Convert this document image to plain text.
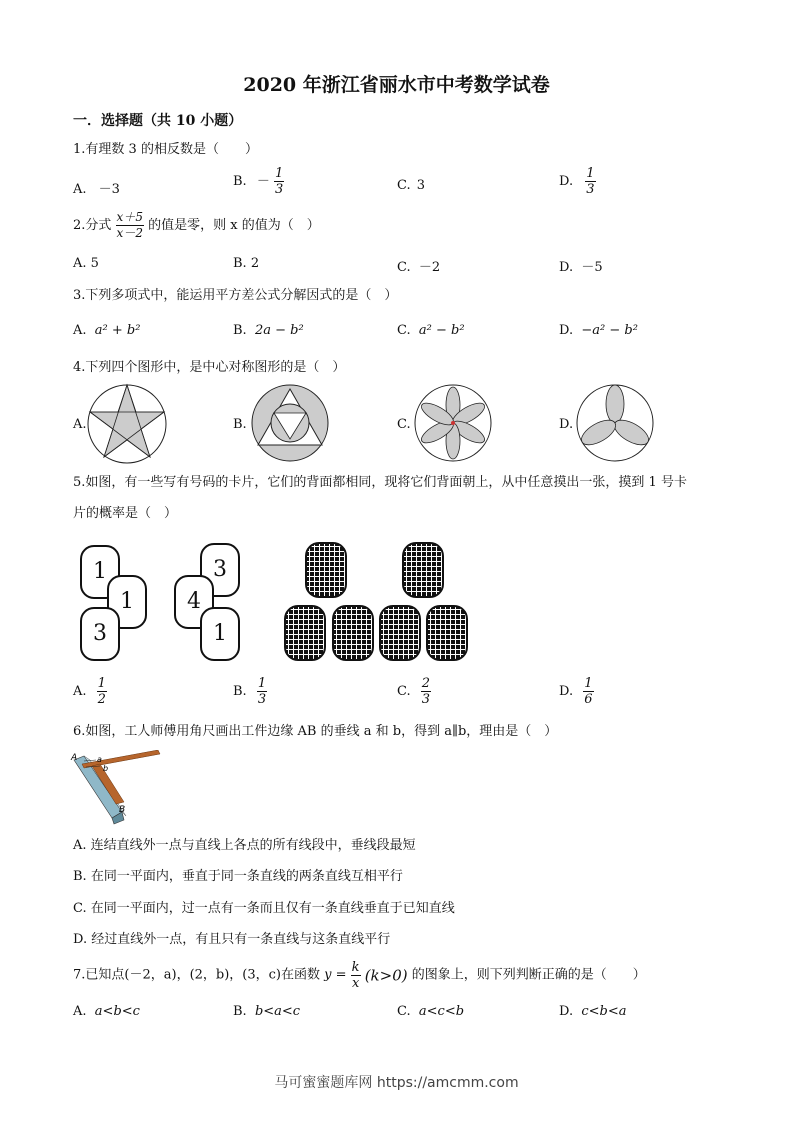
2020 年浙江省丽水市中考数学试卷
一．选择题（共 10 小题）
1.有理数 3 的相反数是（　　）
A. －3
B. － $\frac{1}{3}$	C. 3	D. $\frac{1}{3}$
2.分式 $\frac{x+5}{x-2}$ 的值是零，则 x 的值为（　）
A. 5	B. 2	C. －2	D. －5
3.下列多项式中，能运用平方差公式分解因式的是（　）
A. a² + b²	B. 2a − b²	C. a² − b²	D. −a² − b²
4.下列四个图形中，是中心对称图形的是（　）
A.	B.	C.	D.
5.如图，有一些写有号码的卡片，它们的背面都相同，现将它们背面朝上，从中任意摸出一张，摸到 1 号卡
片的概率是（　）
1
1
3
3
4
1
A. $\frac{1}{2}$	B. $\frac{1}{3}$	C. $\frac{2}{3}$	D. $\frac{1}{6}$
6.如图，工人师傅用角尺画出工件边缘 AB 的垂线 a 和 b，得到 a∥b，理由是（　）
A a
b
B
A. 连结直线外一点与直线上各点的所有线段中，垂线段最短
B. 在同一平面内，垂直于同一条直线的两条直线互相平行
C. 在同一平面内，过一点有一条而且仅有一条直线垂直于已知直线
D. 经过直线外一点，有且只有一条直线与这条直线平行
7.已知点(－2，a)，(2，b)，(3，c)在函数 $y = \frac{k}{x} (k>0)$ 的图象上，则下列判断正确的是（　　）
A. a<b<c	B. b<a<c	C. a<c<b	D. c<b<a
马可蜜蜜题库网 https://amcmm.com
